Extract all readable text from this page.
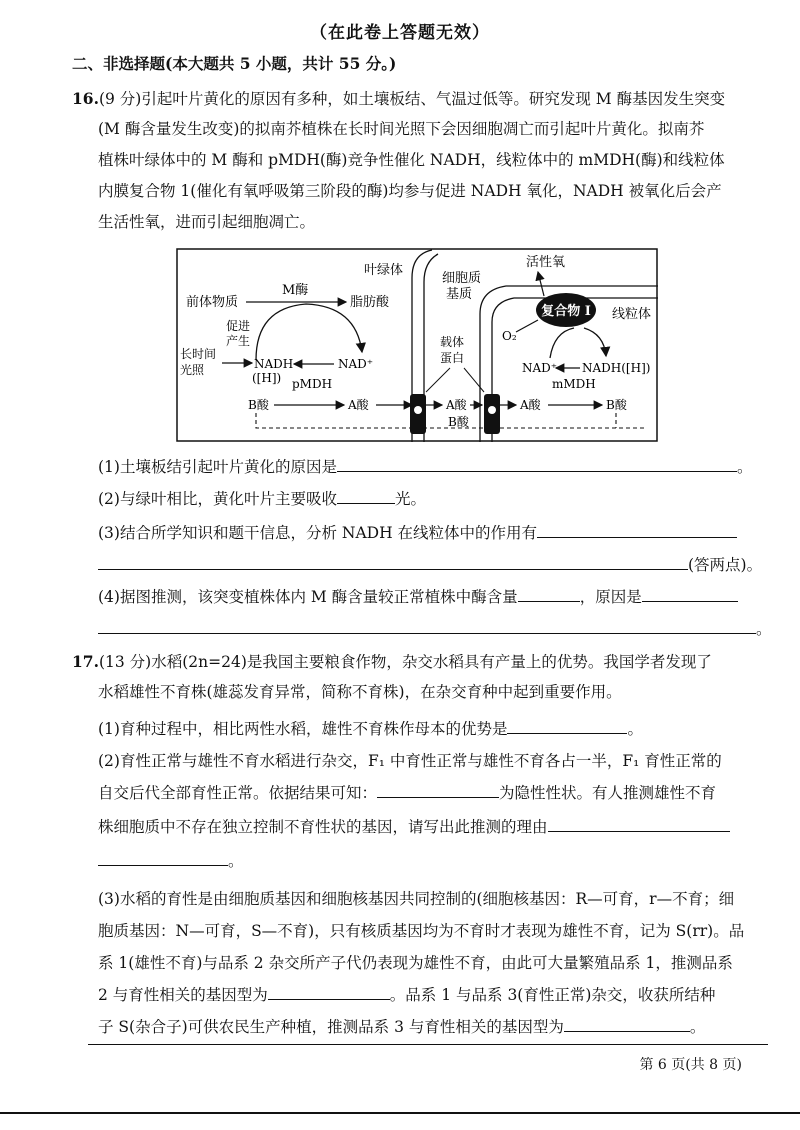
（在此卷上答题无效）
二、非选择题(本大题共 5 小题，共计 55 分。)
16.(9 分)引起叶片黄化的原因有多种，如土壤板结、气温过低等。研究发现 M 酶基因发生突变
(M 酶含量发生改变)的拟南芥植株在长时间光照下会因细胞凋亡而引起叶片黄化。拟南芥
植株叶绿体中的 M 酶和 pMDH(酶)竞争性催化 NADH，线粒体中的 mMDH(酶)和线粒体
内膜复合物 1(催化有氧呼吸第三阶段的酶)均参与促进 NADH 氧化，NADH 被氧化后会产
生活性氧，进而引起细胞凋亡。
叶绿体
细胞质
基质
活性氧
线粒体
复合物 I
O₂
前体物质
M酶
脂肪酸
促进
产生
长时间
光照	NADH
([H])
NAD⁺
pMDH
B酸	A酸
载体
蛋白
A酸
B酸
A酸	B酸
NAD⁺ NADH([H])
mMDH
(1)土壤板结引起叶片黄化的原因是	。
(2)与绿叶相比，黄化叶片主要吸收	光。
(3)结合所学知识和题干信息，分析 NADH 在线粒体中的作用有
(答两点)。
(4)据图推测，该突变植株体内 M 酶含量较正常植株中酶含量	，原因是
。
17.(13 分)水稻(2n=24)是我国主要粮食作物，杂交水稻具有产量上的优势。我国学者发现了
水稻雄性不育株(雄蕊发育异常，简称不育株)，在杂交育种中起到重要作用。
(1)育种过程中，相比两性水稻，雄性不育株作母本的优势是	。
(2)育性正常与雄性不育水稻进行杂交，F₁ 中育性正常与雄性不育各占一半，F₁ 育性正常的
自交后代全部育性正常。依据结果可知：	为隐性性状。有人推测雄性不育
株细胞质中不存在独立控制不育性状的基因，请写出此推测的理由
。
(3)水稻的育性是由细胞质基因和细胞核基因共同控制的(细胞核基因：R—可育，r—不育；细
胞质基因：N—可育，S—不育)，只有核质基因均为不育时才表现为雄性不育，记为 S(rr)。品
系 1(雄性不育)与品系 2 杂交所产子代仍表现为雄性不育，由此可大量繁殖品系 1，推测品系
2 与育性相关的基因型为	。品系 1 与品系 3(育性正常)杂交，收获所结种
子 S(杂合子)可供农民生产种植，推测品系 3 与育性相关的基因型为	。
第 6 页(共 8 页)
